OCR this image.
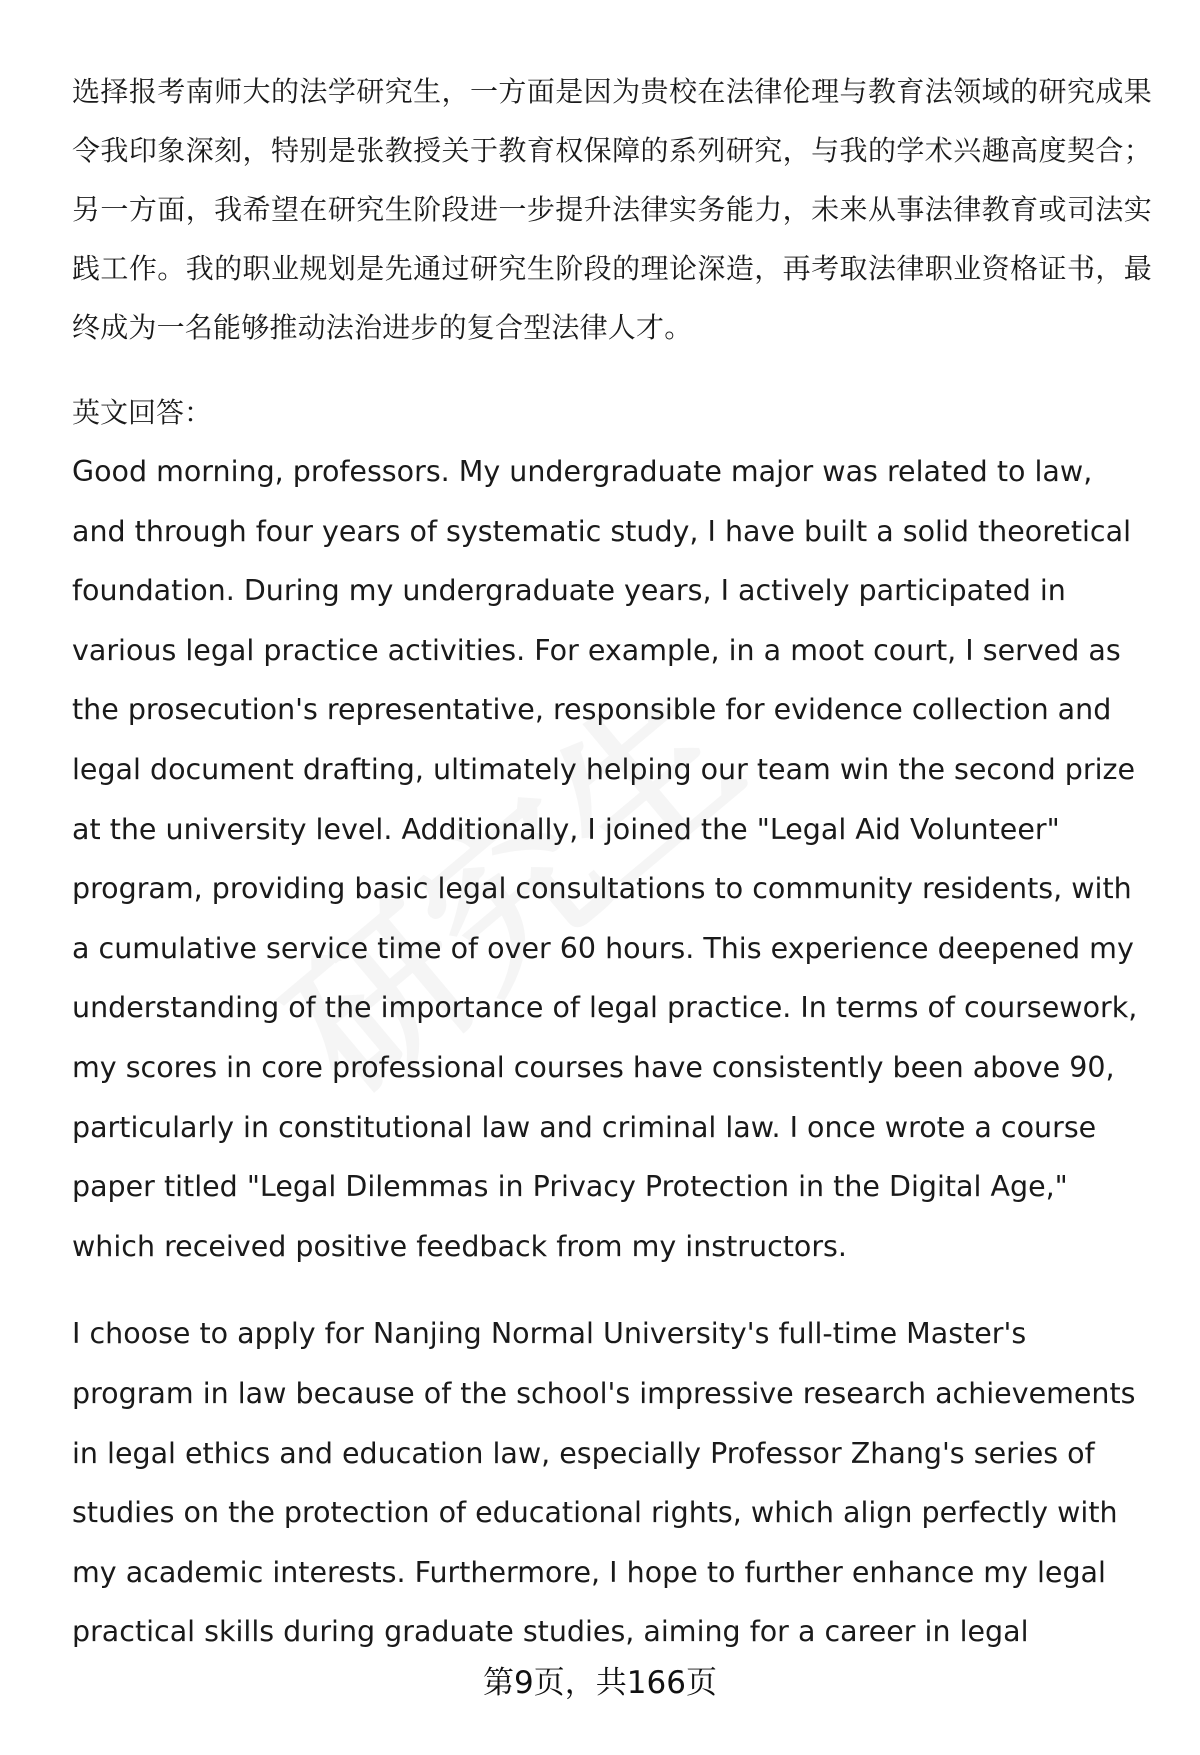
选择报考南师大的法学研究生，一方面是因为贵校在法律伦理与教育法领域的研究成果令我印象深刻，特别是张教授关于教育权保障的系列研究，与我的学术兴趣高度契合；另一方面，我希望在研究生阶段进一步提升法律实务能力，未来从事法律教育或司法实践工作。我的职业规划是先通过研究生阶段的理论深造，再考取法律职业资格证书，最终成为一名能够推动法治进步的复合型法律人才。

英文回答：

Good morning, professors. My undergraduate major was related to law, and through four years of systematic study, I have built a solid theoretical foundation. During my undergraduate years, I actively participated in various legal practice activities. For example, in a moot court, I served as the prosecution's representative, responsible for evidence collection and legal document drafting, ultimately helping our team win the second prize at the university level. Additionally, I joined the "Legal Aid Volunteer" program, providing basic legal consultations to community residents, with a cumulative service time of over 60 hours. This experience deepened my understanding of the importance of legal practice. In terms of coursework, my scores in core professional courses have consistently been above 90, particularly in constitutional law and criminal law. I once wrote a course paper titled "Legal Dilemmas in Privacy Protection in the Digital Age," which received positive feedback from my instructors.

I choose to apply for Nanjing Normal University's full-time Master's program in law because of the school's impressive research achievements in legal ethics and education law, especially Professor Zhang's series of studies on the protection of educational rights, which align perfectly with my academic interests. Furthermore, I hope to further enhance my legal practical skills during graduate studies, aiming for a career in legal

第9页，共166页
